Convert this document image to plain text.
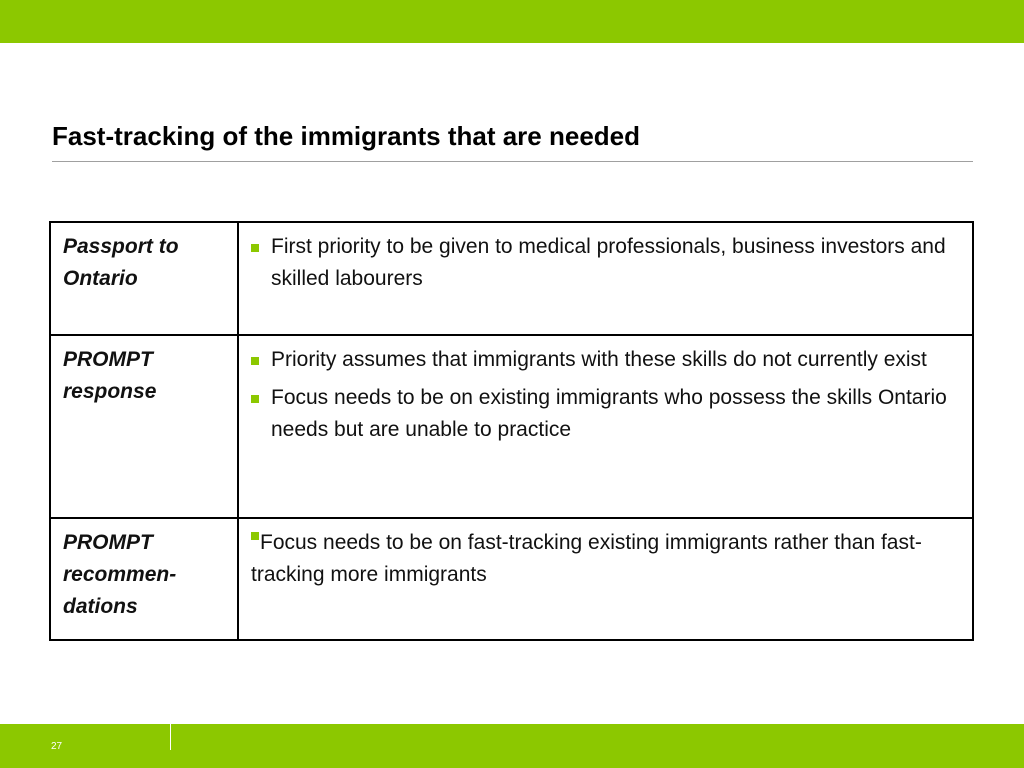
Fast-tracking of the immigrants that are needed
Passport to Ontario	First priority to be given to medical professionals, business investors and skilled labourers

PROMPT response	Priority assumes that immigrants with these skills do not currently exist
Focus needs to be on existing immigrants who possess the skills Ontario needs but are unable to practice

PROMPT recommen-dations	Focus needs to be on fast-tracking existing immigrants rather than fast-tracking more immigrants
27
